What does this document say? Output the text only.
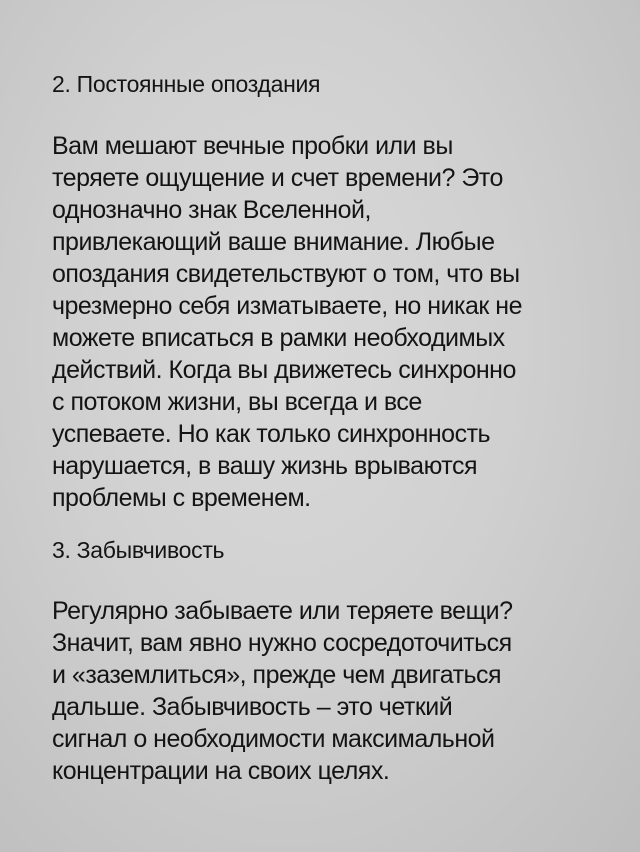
2. Постоянные опоздания

Вам мешают вечные пробки или вы
теряете ощущение и счет времени? Это
однозначно знак Вселенной,
привлекающий ваше внимание. Любые
опоздания свидетельствуют о том, что вы
чрезмерно себя изматываете, но никак не
можете вписаться в рамки необходимых
действий. Когда вы движетесь синхронно
с потоком жизни, вы всегда и все
успеваете. Но как только синхронность
нарушается, в вашу жизнь врываются
проблемы с временем.

3. Забывчивость

Регулярно забываете или теряете вещи?
Значит, вам явно нужно сосредоточиться
и «заземлиться», прежде чем двигаться
дальше. Забывчивость – это четкий
сигнал о необходимости максимальной
концентрации на своих целях.
